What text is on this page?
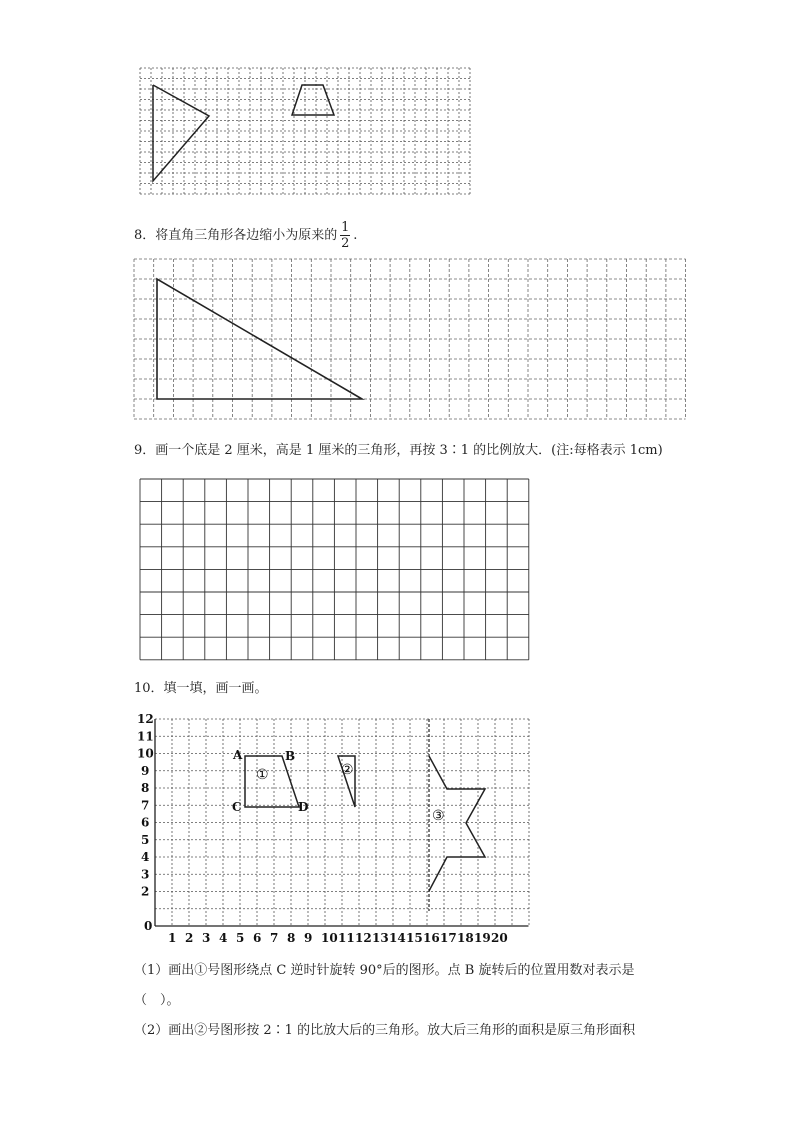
8．将直角三角形各边缩小为原来的 $\frac{1}{2}$ .
9．画一个底是 2 厘米，高是 1 厘米的三角形，再按 3∶1 的比例放大．(注:每格表示 1cm)
10．填一填，画一画。
0
1 2 3 4 5 6 7 8 9 10 11 12 13 14 15 16 17 18 19 20
2
3
4
5
6
7
8
9
10
11
12
A	B
C	D
①	②
③
（1）画出①号图形绕点 C 逆时针旋转 90°后的图形。点 B 旋转后的位置用数对表示是
（　）。
（2）画出②号图形按 2∶1 的比放大后的三角形。放大后三角形的面积是原三角形面积
